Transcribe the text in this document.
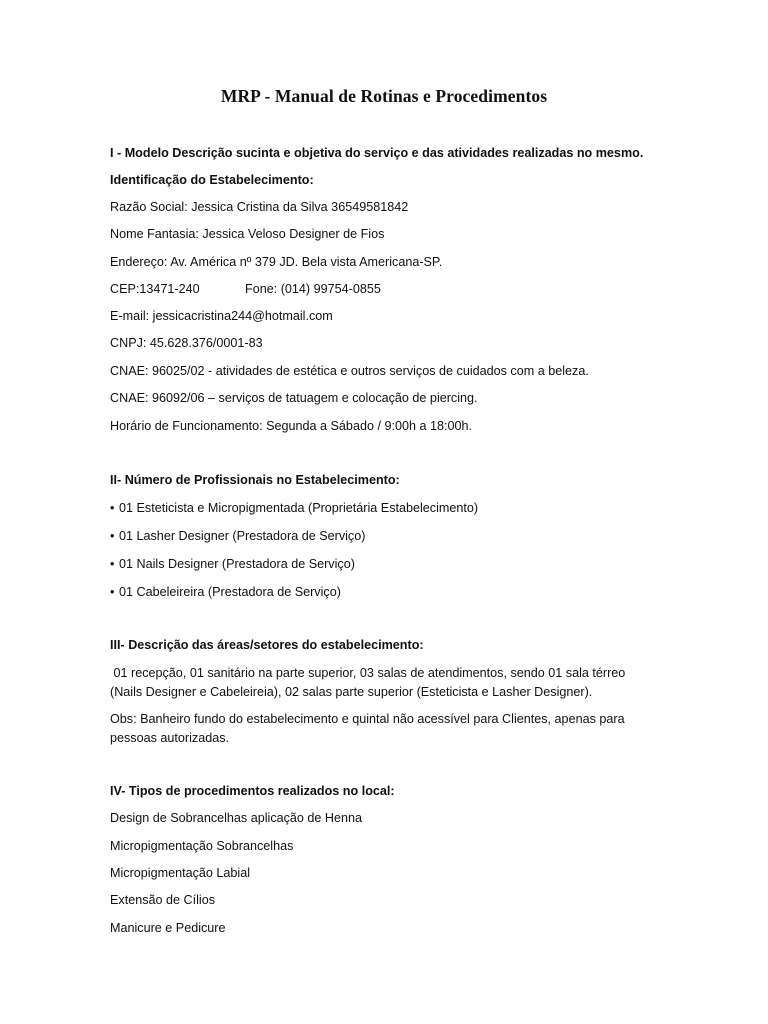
MRP - Manual de Rotinas e Procedimentos
I - Modelo Descrição sucinta e objetiva do serviço e das atividades realizadas no mesmo.
Identificação do Estabelecimento:
Razão Social: Jessica Cristina da Silva 36549581842
Nome Fantasia: Jessica Veloso Designer de Fios
Endereço: Av. América nº 379 JD. Bela vista Americana-SP.
CEP:13471-240	Fone: (014) 99754-0855
E-mail: jessicacristina244@hotmail.com
CNPJ: 45.628.376/0001-83
CNAE: 96025/02 - atividades de estética e outros serviços de cuidados com a beleza.
CNAE: 96092/06 – serviços de tatuagem e colocação de piercing.
Horário de Funcionamento: Segunda a Sábado / 9:00h a 18:00h.
II- Número de Profissionais no Estabelecimento:
• 01 Esteticista e Micropigmentada (Proprietária Estabelecimento)
• 01 Lasher Designer (Prestadora de Serviço)
• 01 Nails Designer (Prestadora de Serviço)
• 01 Cabeleireira (Prestadora de Serviço)
III- Descrição das áreas/setores do estabelecimento:
01 recepção, 01 sanitário na parte superior, 03 salas de atendimentos, sendo 01 sala térreo (Nails Designer e Cabeleireia), 02 salas parte superior (Esteticista e Lasher Designer).
Obs: Banheiro fundo do estabelecimento e quintal não acessível para Clientes, apenas para pessoas autorizadas.
IV- Tipos de procedimentos realizados no local:
Design de Sobrancelhas aplicação de Henna
Micropigmentação Sobrancelhas
Micropigmentação Labial
Extensão de Cílios
Manicure e Pedicure
